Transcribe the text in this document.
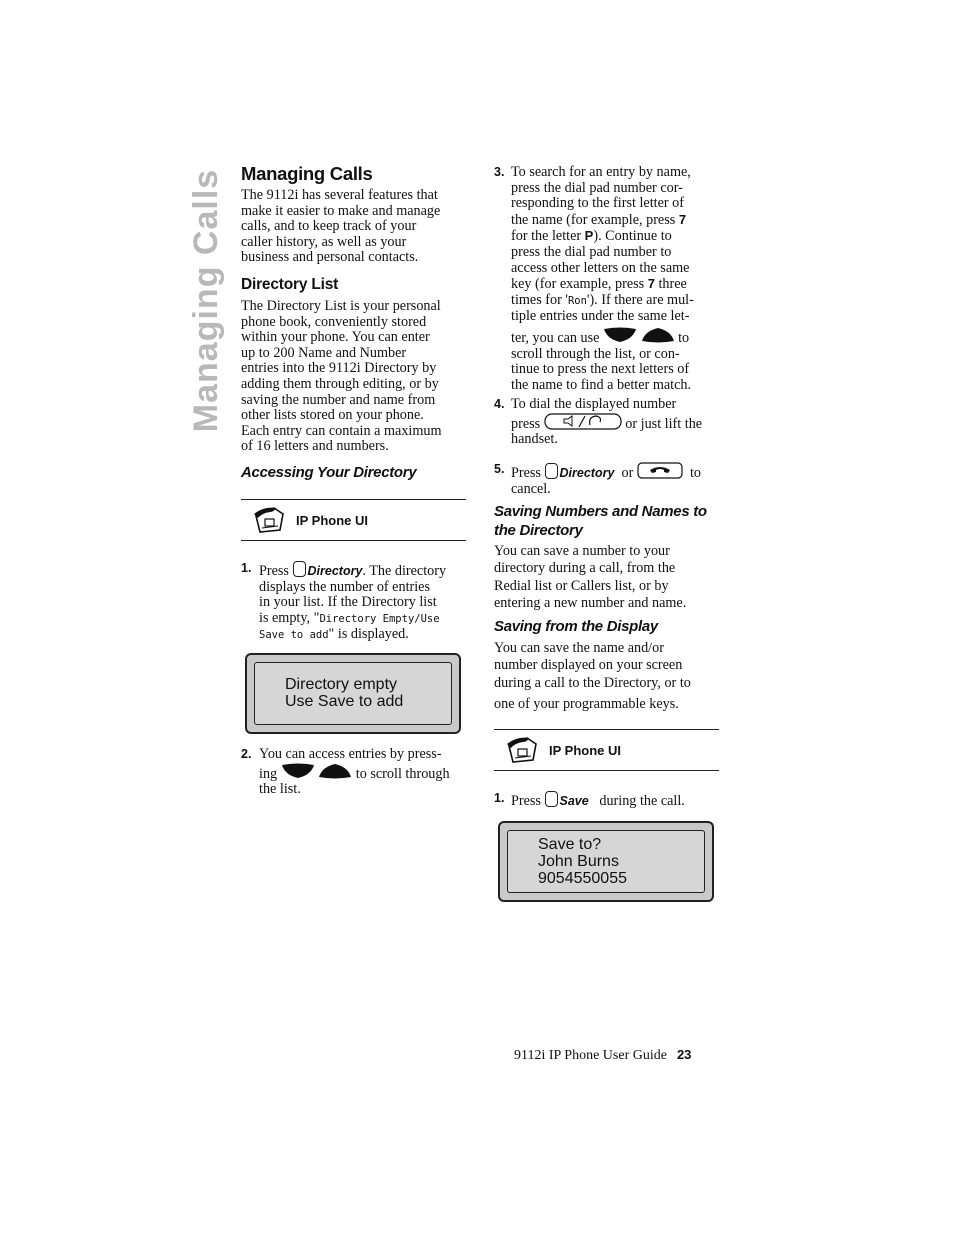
Managing Calls Managing Calls

The 9112i has several features that
make it easier to make and manage
calls, and to keep track of your
caller history, as well as your
business and personal contacts.

Directory List

The Directory List is your personal
phone book, conveniently stored
within your phone. You can enter
up to 200 Name and Number
entries into the 9112i Directory by
adding them through editing, or by
saving the number and name from
other lists stored on your phone.
Each entry can contain a maximum
of 16 letters and numbers.

Accessing Your Directory
IP Phone UI
1. Press Directory. The directory
displays the number of entries
in your list. If the Directory list
is empty, "Directory Empty/Use
Save to add" is displayed.
Directory empty
Use Save to add
2. You can access entries by press-
ing	to scroll through
the list.
3. To search for an entry by name,
press the dial pad number cor-
responding to the first letter of
the name (for example, press 7
for the letter P). Continue to
press the dial pad number to
access other letters on the same
key (for example, press 7 three
times for 'Ron'). If there are mul-
tiple entries under the same let-
ter, you can use	to
scroll through the list, or con-
tinue to press the next letters of
the name to find a better match.
4. To dial the displayed number
press	or just lift the
handset.
5. Press Directory or	to
cancel.
Saving Numbers and Names to
the Directory

You can save a number to your
directory during a call, from the
Redial list or Callers list, or by
entering a new number and name.

Saving from the Display

You can save the name and/or
number displayed on your screen
during a call to the Directory, or to
one of your programmable keys.

IP Phone UI
1. Press Save during the call.
Save to?
John Burns
9054550055
9112i IP Phone User Guide 23
